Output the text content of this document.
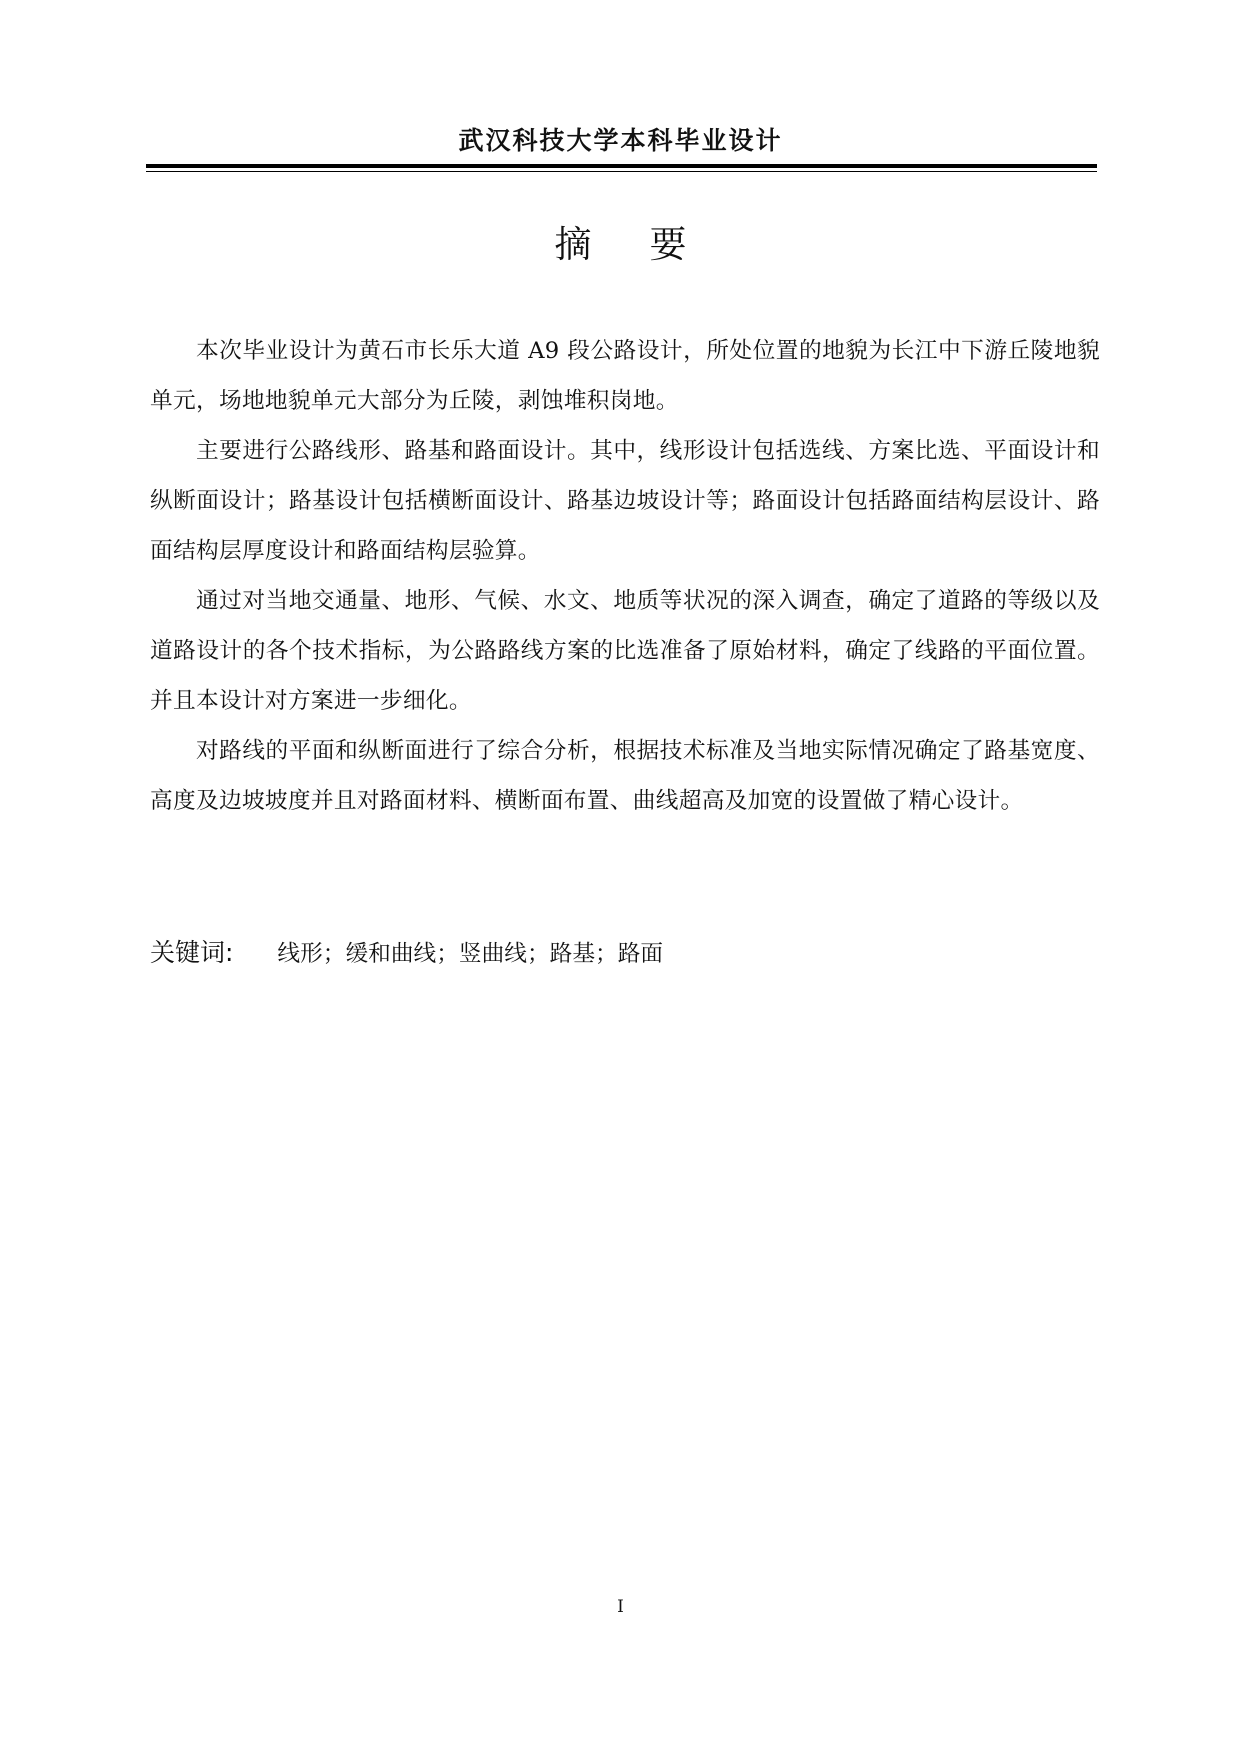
武汉科技大学本科毕业设计
摘要

本次毕业设计为黄石市长乐大道 A9 段公路设计，所处位置的地貌为长江中下游丘陵地貌单元，场地地貌单元大部分为丘陵，剥蚀堆积岗地。

主要进行公路线形、路基和路面设计。其中，线形设计包括选线、方案比选、平面设计和纵断面设计；路基设计包括横断面设计、路基边坡设计等；路面设计包括路面结构层设计、路面结构层厚度设计和路面结构层验算。

通过对当地交通量、地形、气候、水文、地质等状况的深入调查，确定了道路的等级以及道路设计的各个技术指标，为公路路线方案的比选准备了原始材料，确定了线路的平面位置。并且本设计对方案进一步细化。

对路线的平面和纵断面进行了综合分析，根据技术标准及当地实际情况确定了路基宽度、高度及边坡坡度并且对路面材料、横断面布置、曲线超高及加宽的设置做了精心设计。

关键词: 线形；缓和曲线；竖曲线；路基；路面
I
